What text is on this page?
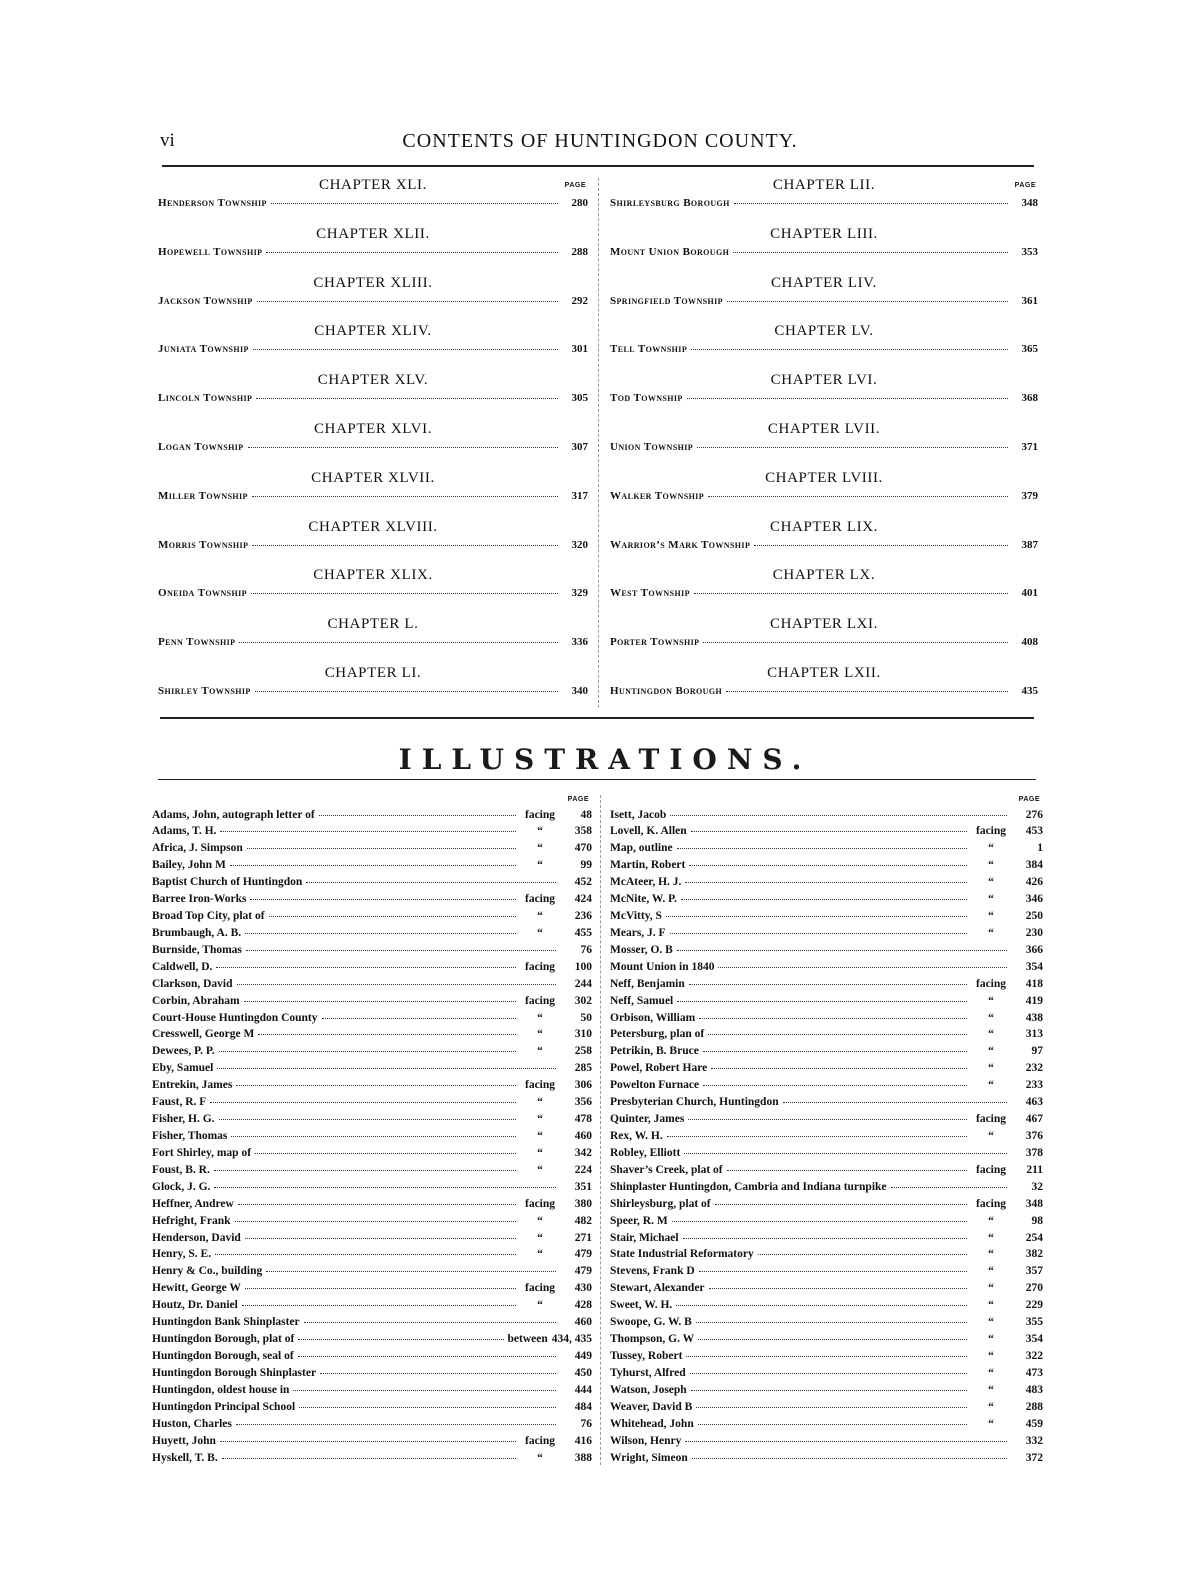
vi	CONTENTS OF HUNTINGDON COUNTY.
PAGE
CHAPTER XLI.
Henderson Township	280
CHAPTER XLII.
Hopewell Township	288
CHAPTER XLIII.
Jackson Township	292
CHAPTER XLIV.
Juniata Township	301
CHAPTER XLV.
Lincoln Township	305
CHAPTER XLVI.
Logan Township	307
CHAPTER XLVII.
Miller Township	317
CHAPTER XLVIII.
Morris Township	320
CHAPTER XLIX.
Oneida Township	329
CHAPTER L.
Penn Township	336
CHAPTER LI.
Shirley Township	340
PAGE
CHAPTER LII.
Shirleysburg Borough	348
CHAPTER LIII.
Mount Union Borough	353
CHAPTER LIV.
Springfield Township	361
CHAPTER LV.
Tell Township	365
CHAPTER LVI.
Tod Township	368
CHAPTER LVII.
Union Township	371
CHAPTER LVIII.
Walker Township	379
CHAPTER LIX.
Warrior’s Mark Township	387
CHAPTER LX.
West Township	401
CHAPTER LXI.
Porter Township	408
CHAPTER LXII.
Huntingdon Borough	435
ILLUSTRATIONS.
PAGE
Adams, John, autograph letter of	facing	48
Adams, T. H.	“	358
Africa, J. Simpson	“	470
Bailey, John M	“	99
Baptist Church of Huntingdon	452
Barree Iron-Works	facing	424
Broad Top City, plat of	“	236
Brumbaugh, A. B.	“	455
Burnside, Thomas	76
Caldwell, D.	facing	100
Clarkson, David	244
Corbin, Abraham	facing	302
Court-House Huntingdon County	“	50
Cresswell, George M	“	310
Dewees, P. P.	“	258
Eby, Samuel	285
Entrekin, James	facing	306
Faust, R. F	“	356
Fisher, H. G.	“	478
Fisher, Thomas	“	460
Fort Shirley, map of	“	342
Foust, B. R.	“	224
Glock, J. G.	351
Heffner, Andrew	facing	380
Hefright, Frank	“	482
Henderson, David	“	271
Henry, S. E.	“	479
Henry & Co., building	479
Hewitt, George W	facing	430
Houtz, Dr. Daniel	“	428
Huntingdon Bank Shinplaster	460
Huntingdon Borough, plat of	between 434, 435
Huntingdon Borough, seal of	449
Huntingdon Borough Shinplaster	450
Huntingdon, oldest house in	444
Huntingdon Principal School	484
Huston, Charles	76
Huyett, John	facing	416
Hyskell, T. B.	“	388
PAGE
Isett, Jacob	276
Lovell, K. Allen	facing	453
Map, outline	“	1
Martin, Robert	“	384
McAteer, H. J.	“	426
McNite, W. P.	“	346
McVitty, S	“	250
Mears, J. F	“	230
Mosser, O. B	366
Mount Union in 1840	354
Neff, Benjamin	facing	418
Neff, Samuel	“	419
Orbison, William	“	438
Petersburg, plan of	“	313
Petrikin, B. Bruce	“	97
Powel, Robert Hare	“	232
Powelton Furnace	“	233
Presbyterian Church, Huntingdon	463
Quinter, James	facing	467
Rex, W. H.	“	376
Robley, Elliott	378
Shaver’s Creek, plat of	facing	211
Shinplaster Huntingdon, Cambria and Indiana turnpike	32
Shirleysburg, plat of	facing	348
Speer, R. M	“	98
Stair, Michael	“	254
State Industrial Reformatory	“	382
Stevens, Frank D	“	357
Stewart, Alexander	“	270
Sweet, W. H.	“	229
Swoope, G. W. B	“	355
Thompson, G. W	“	354
Tussey, Robert	“	322
Tyhurst, Alfred	“	473
Watson, Joseph	“	483
Weaver, David B	“	288
Whitehead, John	“	459
Wilson, Henry	332
Wright, Simeon	372
